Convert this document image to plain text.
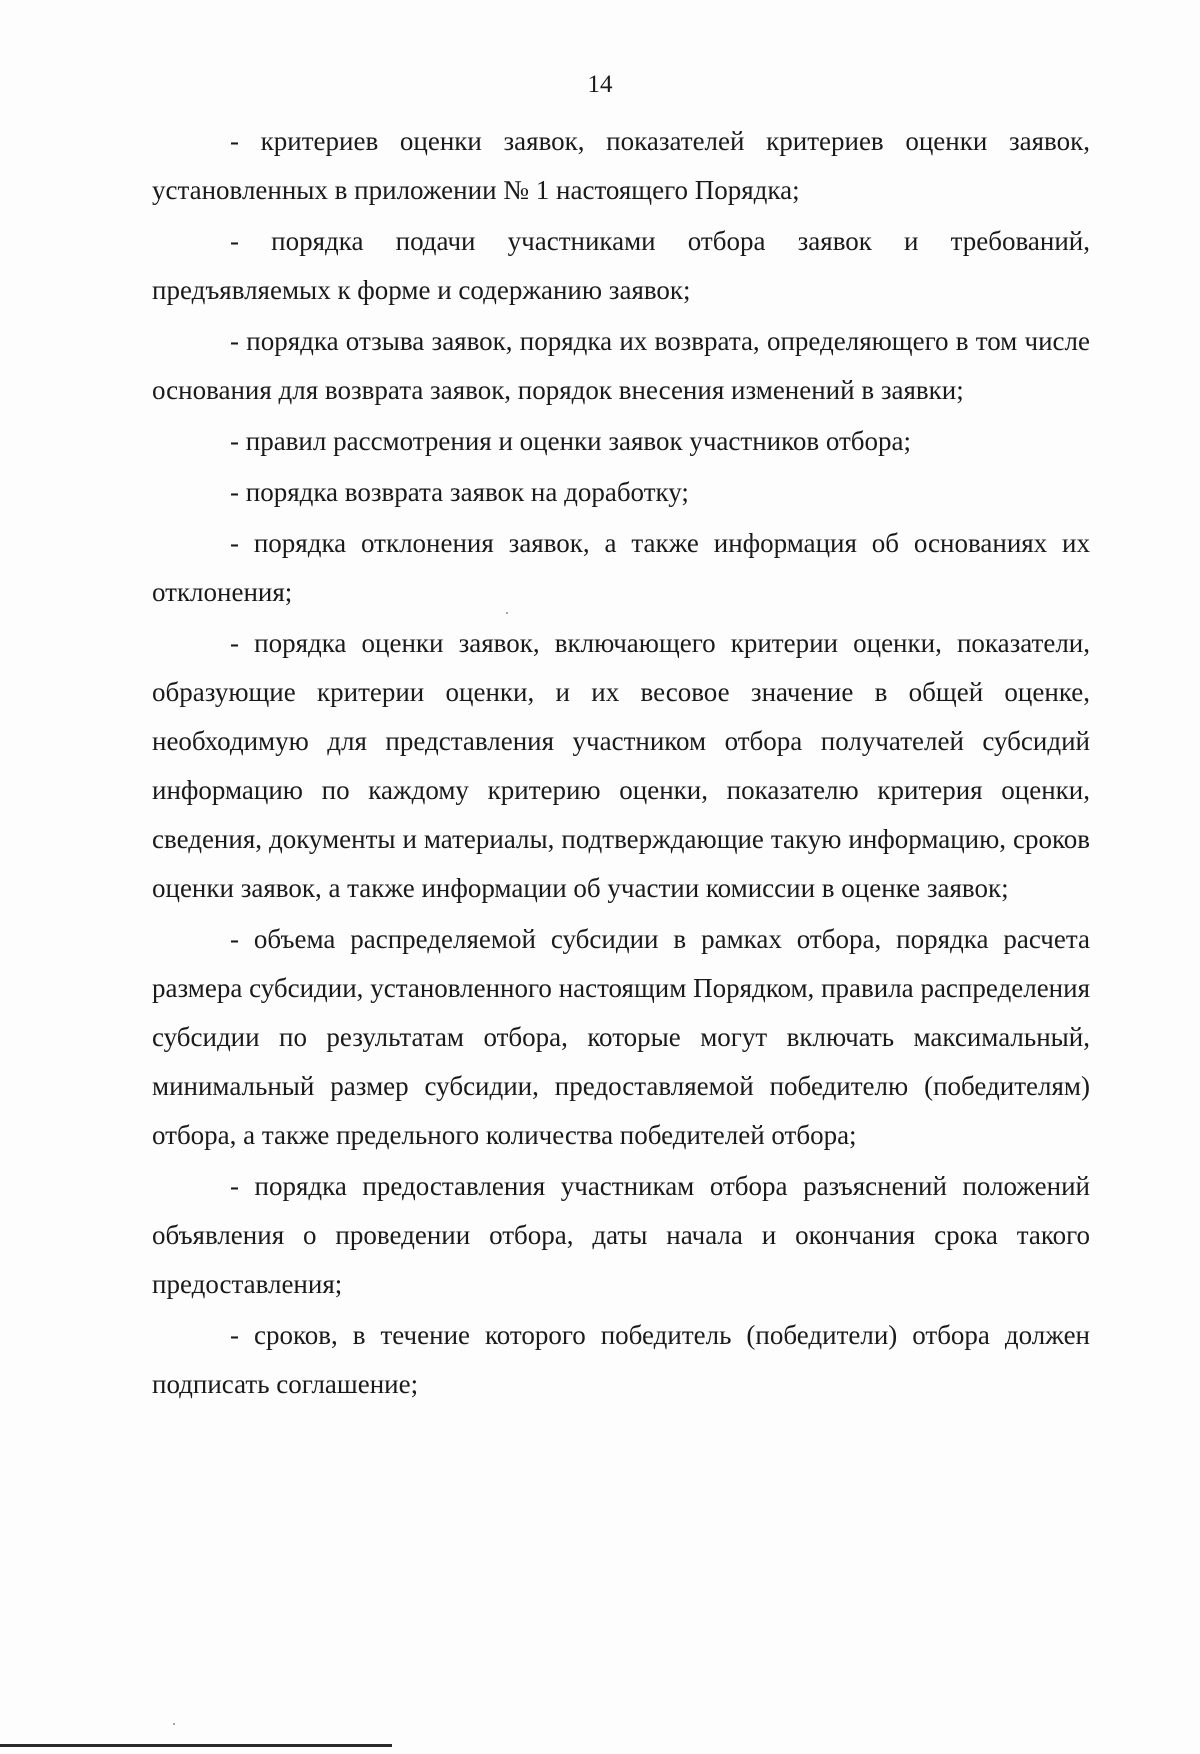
14

- критериев оценки заявок, показателей критериев оценки заявок, установленных в приложении № 1 настоящего Порядка;

- порядка подачи участниками отбора заявок и требований, предъявляемых к форме и содержанию заявок;

- порядка отзыва заявок, порядка их возврата, определяющего в том числе основания для возврата заявок, порядок внесения изменений в заявки;

- правил рассмотрения и оценки заявок участников отбора;

- порядка возврата заявок на доработку;

- порядка отклонения заявок, а также информация об основаниях их отклонения;

- порядка оценки заявок, включающего критерии оценки, показатели, образующие критерии оценки, и их весовое значение в общей оценке, необходимую для представления участником отбора получателей субсидий информацию по каждому критерию оценки, показателю критерия оценки, сведения, документы и материалы, подтверждающие такую информацию, сроков оценки заявок, а также информации об участии комиссии в оценке заявок;

- объема распределяемой субсидии в рамках отбора, порядка расчета размера субсидии, установленного настоящим Порядком, правила распределения субсидии по результатам отбора, которые могут включать максимальный, минимальный размер субсидии, предоставляемой победителю (победителям) отбора, а также предельного количества победителей отбора;

- порядка предоставления участникам отбора разъяснений положений объявления о проведении отбора, даты начала и окончания срока такого предоставления;

- сроков, в течение которого победитель (победители) отбора должен подписать соглашение;
